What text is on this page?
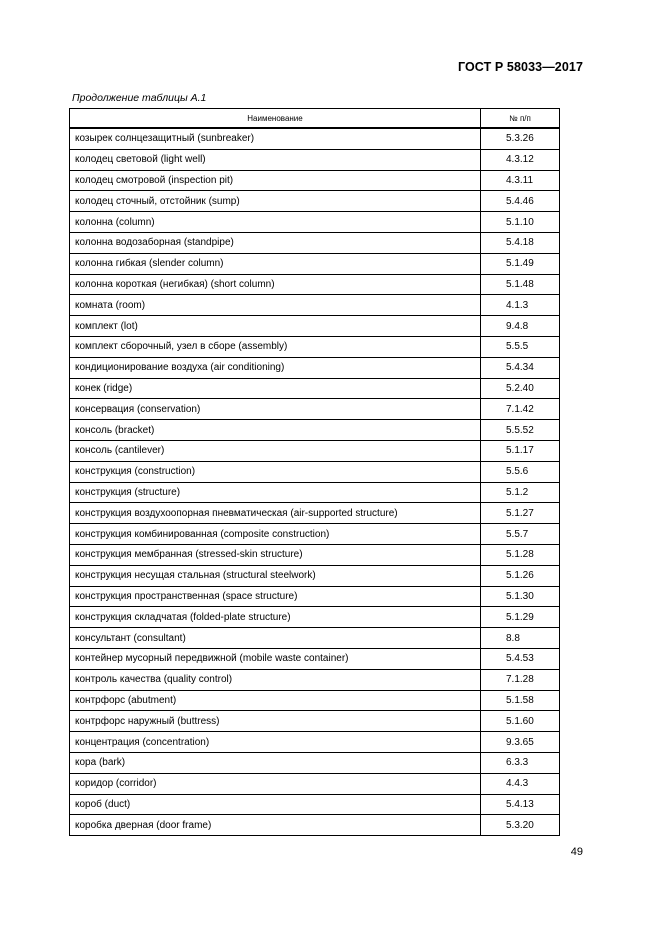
ГОСТ Р 58033—2017
Продолжение таблицы А.1
Наименование	№ п/п
козырек солнцезащитный (sunbreaker)	5.3.26
колодец световой (light well)	4.3.12
колодец смотровой (inspection pit)	4.3.11
колодец сточный, отстойник (sump)	5.4.46
колонна (column)	5.1.10
колонна водозаборная (standpipe)	5.4.18
колонна гибкая (slender column)	5.1.49
колонна короткая (негибкая) (short column)	5.1.48
комната (room)	4.1.3
комплект (lot)	9.4.8
комплект сборочный, узел в сборе (assembly)	5.5.5
кондиционирование воздуха (air conditioning)	5.4.34
конек (ridge)	5.2.40
консервация (conservation)	7.1.42
консоль (bracket)	5.5.52
консоль (cantilever)	5.1.17
конструкция (construction)	5.5.6
конструкция (structure)	5.1.2
конструкция воздухоопорная пневматическая (air-supported structure)	5.1.27
конструкция комбинированная (composite construction)	5.5.7
конструкция мембранная (stressed-skin structure)	5.1.28
конструкция несущая стальная (structural steelwork)	5.1.26
конструкция пространственная (space structure)	5.1.30
конструкция складчатая (folded-plate structure)	5.1.29
консультант (consultant)	8.8
контейнер мусорный передвижной (mobile waste container)	5.4.53
контроль качества (quality control)	7.1.28
контрфорс (abutment)	5.1.58
контрфорс наружный (buttress)	5.1.60
концентрация (concentration)	9.3.65
кора (bark)	6.3.3
коридор (corridor)	4.4.3
короб (duct)	5.4.13
коробка дверная (door frame)	5.3.20
49
